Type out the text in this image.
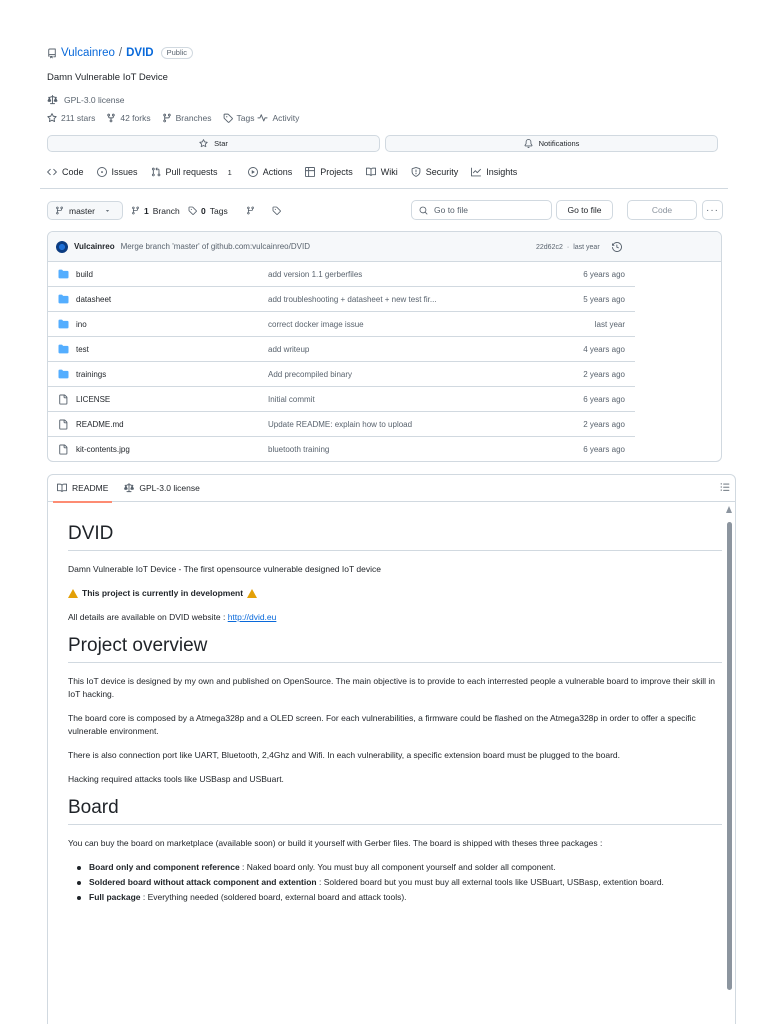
Vulcainreo / DVID	Public
Damn Vulnerable IoT Device
GPL-3.0 license
211 stars	42 forks	Branches	Tags Activity
Star	Notifications
Code	Issues	Pull requests	1	Actions	Projects	Wiki	Security	Insights
master	1 Branch	0 Tags	Go to file	Go to file	Code	···
Vulcainreo Merge branch 'master' of github.com:vulcainreo/DVID	22d62c2 · last year
build	add version 1.1 gerberfiles	6 years ago
datasheet	add troubleshooting + datasheet + new test fir...	5 years ago
ino	correct docker image issue	last year
test	add writeup	4 years ago
trainings	Add precompiled binary	2 years ago
LICENSE	Initial commit	6 years ago
README.md	Update README: explain how to upload	2 years ago
kit-contents.jpg	bluetooth training	6 years ago
README	GPL-3.0 license
DVID

Damn Vulnerable IoT Device - The first opensource vulnerable designed IoT device

This project is currently in development

All details are available on DVID website : http://dvid.eu

Project overview

This IoT device is designed by my own and published on OpenSource. The main objective is to provide to each interrested people a vulnerable board to improve their skill in IoT hacking.

The board core is composed by a Atmega328p and a OLED screen. For each vulnerabilities, a firmware could be flashed on the Atmega328p in order to offer a specific vulnerable environment.

There is also connection port like UART, Bluetooth, 2,4Ghz and Wifi. In each vulnerability, a specific extension board must be plugged to the board.

Hacking required attacks tools like USBasp and USBuart.

Board

You can buy the board on marketplace (available soon) or build it yourself with Gerber files. The board is shipped with theses three packages :

Board only and component reference : Naked board only. You must buy all component yourself and solder all component.
Soldered board without attack component and extention : Soldered board but you must buy all external tools like USBuart, USBasp, extention board.
Full package : Everything needed (soldered board, external board and attack tools).
